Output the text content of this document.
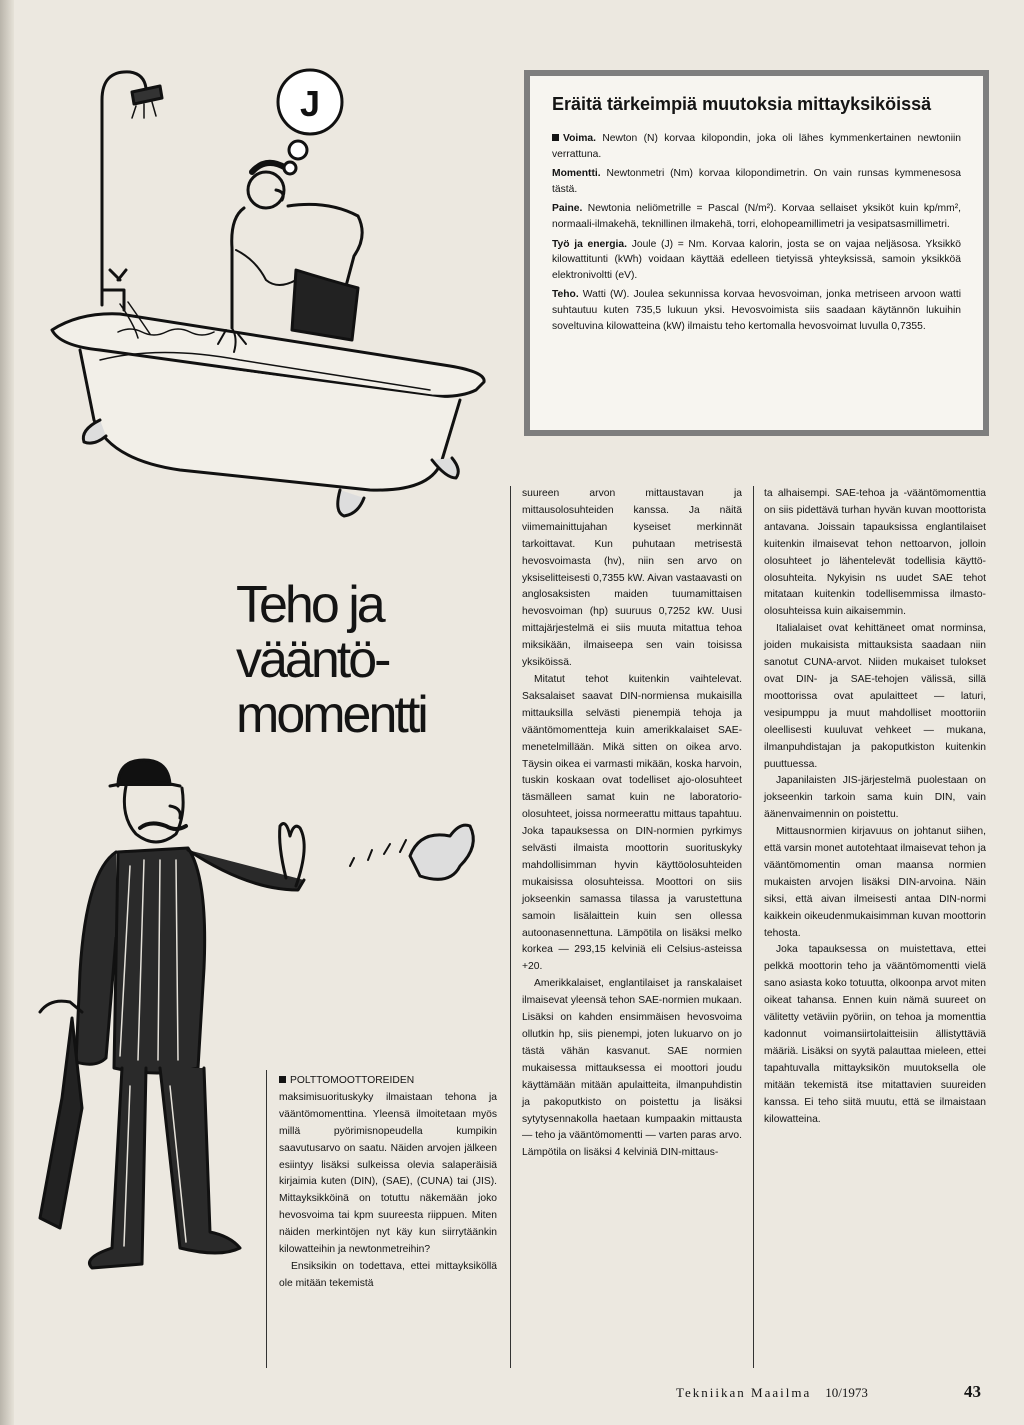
J	Eräitä tärkeimpiä muutoksia mittayksiköissä

Voima. Newton (N) korvaa kilopondin, joka oli lähes kymmenkertainen newtoniin verrattuna.

Momentti. Newtonmetri (Nm) korvaa kilopondimetrin. On vain runsas kymmenesosa tästä.

Paine. Newtonia neliömetrille = Pascal (N/m²). Korvaa sellaiset yksiköt kuin kp/mm², normaali-ilmakehä, teknillinen ilmakehä, torri, elohopeamillimetri ja vesipatsasmillimetri.

Työ ja energia. Joule (J) = Nm. Korvaa kalorin, josta se on vajaa neljäsosa. Yksikkö kilowattitunti (kWh) voidaan käyttää edelleen tietyissä yhteyksissä, samoin yksikköä elektronivoltti (eV).

Teho. Watti (W). Joulea sekunnissa korvaa hevosvoiman, jonka metriseen arvoon watti suhtautuu kuten 735,5 lukuun yksi. Hevosvoimista siis saadaan käytännön lukuihin soveltuvina kilowatteina (kW) ilmaistu teho kertomalla hevosvoimat luvulla 0,7355.

Teho ja
vääntö-
momentti

POLTTOMOOTTOREIDEN maksimisuorituskyky ilmaistaan tehona ja vääntömomenttina. Yleensä ilmoitetaan myös millä pyörimisnopeudella kumpikin saavutusarvo on saatu. Näiden arvojen jälkeen esiintyy lisäksi sulkeissa olevia salaperäisiä kirjaimia kuten (DIN), (SAE), (CUNA) tai (JIS). Mittayksikköinä on totuttu näkemään joko hevosvoima tai kpm suureesta riippuen. Miten näiden merkintöjen nyt käy kun siirrytäänkin kilowatteihin ja newtonmetreihin?

Ensiksikin on todettava, ettei mittayksiköllä ole mitään tekemistä

suureen arvon mittaustavan ja mittausolosuhteiden kanssa. Ja näitä viimemainittujahan kyseiset merkinnät tarkoittavat. Kun puhutaan metrisestä hevosvoimasta (hv), niin sen arvo on yksiselitteisesti 0,7355 kW. Aivan vastaavasti on anglosaksisten maiden tuumamittaisen hevosvoiman (hp) suuruus 0,7252 kW. Uusi mittajärjestelmä ei siis muuta mitattua tehoa miksikään, ilmaiseepa sen vain toisissa yksiköissä.

Mitatut tehot kuitenkin vaihtelevat. Saksalaiset saavat DIN-normiensa mukaisilla mittauksilla selvästi pienempiä tehoja ja vääntömomentteja kuin amerikkalaiset SAE-menetelmillään. Mikä sitten on oikea arvo. Täysin oikea ei varmasti mikään, koska harvoin, tuskin koskaan ovat todelliset ajo-olosuhteet täsmälleen samat kuin ne laboratorio-olosuhteet, joissa normeerattu mittaus tapahtuu. Joka tapauksessa on DIN-normien pyrkimys selvästi ilmaista moottorin suorituskyky mahdollisimman hyvin käyttöolosuhteiden mukaisissa olosuhteissa. Moottori on siis jokseenkin samassa tilassa ja varustettuna samoin lisälaittein kuin sen ollessa autoonasennettuna. Lämpötila on lisäksi melko korkea — 293,15 kelviniä eli Celsius-asteissa +20.

Amerikkalaiset, englantilaiset ja ranskalaiset ilmaisevat yleensä tehon SAE-normien mukaan. Lisäksi on kahden ensimmäisen hevosvoima ollutkin hp, siis pienempi, joten lukuarvo on jo tästä vähän kasvanut. SAE normien mukaisessa mittauksessa ei moottori joudu käyttämään mitään apulaitteita, ilmanpuhdistin ja pakoputkisto on poistettu ja lisäksi sytytysennakolla haetaan kumpaakin mittausta — teho ja vääntömomentti — varten paras arvo. Lämpötila on lisäksi 4 kelviniä DIN-mittaus-

ta alhaisempi. SAE-tehoa ja -vääntömomenttia on siis pidettävä turhan hyvän kuvan moottorista antavana. Joissain tapauksissa englantilaiset kuitenkin ilmaisevat tehon nettoarvon, jolloin olosuhteet jo lähentelevät todellisia käyttö-olosuhteita. Nykyisin ns uudet SAE tehot mitataan kuitenkin todellisemmissa ilmasto-olosuhteissa kuin aikaisemmin.

Italialaiset ovat kehittäneet omat norminsa, joiden mukaisista mittauksista saadaan niin sanotut CUNA-arvot. Niiden mukaiset tulokset ovat DIN- ja SAE-tehojen välissä, sillä moottorissa ovat apulaitteet — laturi, vesipumppu ja muut mahdolliset moottoriin oleellisesti kuuluvat vehkeet — mukana, ilmanpuhdistajan ja pakoputkiston kuitenkin puuttuessa.

Japanilaisten JIS-järjestelmä puolestaan on jokseenkin tarkoin sama kuin DIN, vain äänenvaimennin on poistettu.

Mittausnormien kirjavuus on johtanut siihen, että varsin monet autotehtaat ilmaisevat tehon ja vääntömomentin oman maansa normien mukaisten arvojen lisäksi DIN-arvoina. Näin siksi, että aivan ilmeisesti antaa DIN-normi kaikkein oikeudenmukaisimman kuvan moottorin tehosta.

Joka tapauksessa on muistettava, ettei pelkkä moottorin teho ja vääntömomentti vielä sano asiasta koko totuutta, olkoonpa arvot miten oikeat tahansa. Ennen kuin nämä suureet on välitetty vetäviin pyöriin, on tehoa ja momenttia kadonnut voimansiirtolaitteisiin ällistyttäviä määriä. Lisäksi on syytä palauttaa mieleen, ettei tapahtuvalla mittayksikön muutoksella ole mitään tekemistä itse mitattavien suureiden kanssa. Ei teho siitä muutu, että se ilmaistaan kilowatteina.

Tekniikan Maailma 10/1973	43
